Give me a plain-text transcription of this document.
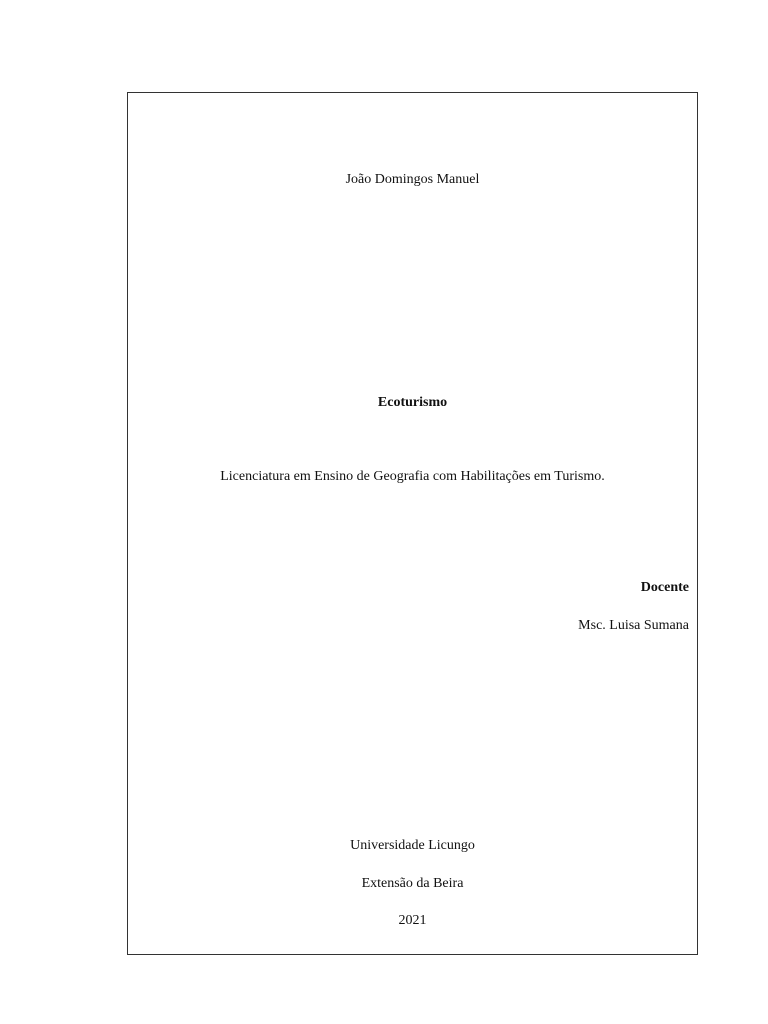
João Domingos Manuel
Ecoturismo
Licenciatura em Ensino de Geografia com Habilitações em Turismo.
Docente
Msc. Luisa Sumana
Universidade Licungo
Extensão da Beira
2021
